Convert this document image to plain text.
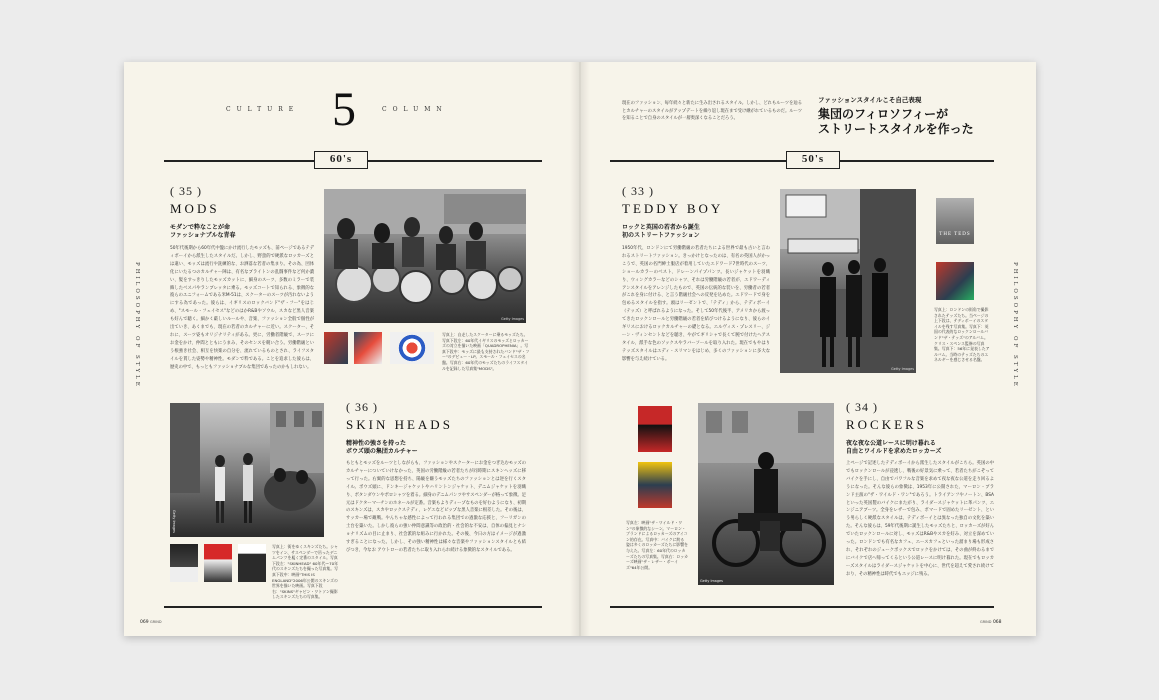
CULTURE 5	COLUMN
60's
PHILOSOPHY OF STYLE
( 35 )
MODS
モダンで粋なことが命
ファッショナブルな青春
50年代後期から60年代中盤にかけ流行したモッズも、前ページであるテディボーイから派生したスタイルだ。しかし、野蛮的で硬派なロッカーズとは違い、モッズは流行や洗練的な、お洒落な若者の集まり。その為、団体化にいたるつのカルチャー陣は、有名なブライトンの乱闘事件など何か濃い、髪をすっきりしたモッズカットに、細身のスーツ、多数のミラーで装飾したベスパやランブレッタに乗る。モッズコートで知られる、象徴的な彼らのユニフォームである米M-51は、スクーターのスーツが汚れないようにする為であった。彼らは、イギリスのロックバンド"ザ・フー"をはじめ、"スモール・フェイセス"などのはかR&Bやソウル、スカなど黒人音楽も好んで聴く。細かく厳しいルールや、音楽、ファッション全般で個性が出ていき、あくまでも、現在の若者のカルチャーに近い。スクーター、それに、スーツ姿もオリジナリティがある。更に、労働者階級で、スーツにお金をかけ、仲間とともにうまみ、そのセンスを競い合う。労働階級という根強き社会、相互を快楽の自分を、流れているものとされ、ライフスタイルを貫した姿勢や精神性。モダンで粋である。ことを追求した彼らは、歴史の中で、もっともファッショナブルな集団であったのかもしれない。
Getty Images
写真上：自走したスクーターに乗るモッズたち。写真下段左：60年代イギリスのモッズとロッカーズの対立を描いた映画「QUADROPHENIA」。写真下段中：モッズに最も支持されたバンド"ザ・フー"のデビュー・LP。スモール・フェイセスの名盤。写真右：60年代のモッズたちのライフスタイルを記録した写真集"MODS"。
Getty Images
( 36 )
SKIN HEADS
精神性の強さを持った
ボウズ頭の集団カルチャー
もともとモッズをルーツとしながらも、ファッションやスクーターにお金をつぎ込むモッズのカルチャーについていけなかった、英国の労働階級の若者たちが同時期にスキンヘッズに移って行った。右翼的な思想を持ち、陽級を嫌うモッズたちのファッションとは逆を行くスタイル。ボウズ頭に、ドンキージャケットやハリントンジャケット、デニムジャケットを羽織り、ボタンダウンやポロシャツを着る。細身のデニムパンツやサスペンダーが格って象徴。足元はドクターマーチンのホネールが定番。音楽もよりディープなものを好むようになり、初期のスキンズは、スカやロックステディ、レゲエなどピップな黒人音楽に根差した。その後は、サッカー場で観戦。やんちゃな感性によって行われる集団での過激な応援と、フーリガンの土台を築いた。しかし彼らの強い仲間意識等の政治的・社会的な不安は、自体の偏見とナショナリズムの目に止まり、社会派的な組みに行かれた。その後、今日の方はイメージが過激すぎることになった。しかし、その強い精神性は様々な音楽やファッションスタイルとも結びつき、今なお アウトローの若者たちに取り入れられ続ける象徴的なスタイルである。
写真上：街をゆくスキンズたち。シャツをイン、サスペンダーで吊ったデニムパンツを履く定番のスタイル。写真下段左："SKINHEAD" 60年代〜70年代のスキンズたちを撮った写真集。写真下段中：映画"THIS IS ENGLAND"2006年公開のスキンズの世界を描いた映画。写真下段右："SKINS"ギャビン・ワトソン撮影したスキンズたちの写真集。
069 GRIND
現在のファッション、毎年続々と新たに生み出されるスタイル。しかし、どれもルーツを辿るとカルチャーのスタイルがアップデートを繰り返し現在まで受け継がれているものだ。ルーツを知ることで自身のスタイルが一層奥深くなることだろう。
ファッションスタイルこそ自己表現
集団のフィロソフィーが
ストリートスタイルを作った
50's
PHILOSOPHY OF STYLE
( 33 )
TEDDY BOY
ロックと英国の若者から誕生
初のストリートファッション
1950年代、ロンドンにて労働階級の若者たちによる世界で最も古いと言われるストリートファッション。きっかけとなったのは、有名の英国人がかっこうで、英国の名門紳士服店が着用していたエドワード7世時代のスーツ、ショールカラーのベスト、ドレーンパイプパンツ。長いジャケットを羽織り、ウィングカラーなどのシャツ、それは労働階級の若者が、エドワーディアンスタイルをアレンジしたもので、英国の伝統的な装いを、労働者の若者がこれを身に付ける、と言う階級社会への反発を込めた。エドワードで身を包めるスタイルを指す。頭はリーゼントで、「テディ」から、テディボーイ（テッズ）と呼ばれるようになった。そして50年代後半、アメリカから渡ってきたロックンロールと労働階級の若者を結びつけるようになり、彼らのイギリスにおけるロックカルチャーの礎となる。エルヴィス・プレスリー、ジーン・ヴィンセントなどを聴き、やがてギリシャで長くて腕で付けたヘアスタイル、派手な色のソックスやラバーソールを取り入れた。現在でもやはりテッズスタイルはエディ・スリマンをはじめ、多くのファッションに多大な影響を与え続けている。
Getty Images
THE TEDS
写真上：ロンドンの街角で撮影されたテッズたち。当ページの上下段は、テディボーイのスタイルを残す写真集。写真下：英国の代表的なロックンロールバンド"ザ・テッズ"のアルバム。クリス・スペンス監修の写真集。写真下：56年に発表したアルバム。当時のテッズたちのエネルギーを感じさせる名盤。
写真左：映画"ザ・ワイルド・ワン"の象徴的なシーン。マーロン・ブランドによるロッカーズのアイコン的存在。写真中：バイクに跨る姿は多くのロッカーズたちに影響を与えた。写真左：60年代のロッカーズたちの写真集。写真右：ロッカーズ映画"ザ・レザー・ボーイズ"64年公開。
Getty Images
( 34 )
ROCKERS
夜な夜な公道レースに明け暮れる
自由とワイルドを求めたロッカーズ
上ページで記述したテディボーイから派生したスタイルがこちら。英国の中でもロックンロールが浸透し、戦後の好景気に乗って、若者たちがこぞってバイクを手にし、自由でパワフルな音楽を求めて夜な夜な公道を走り回るようになった。そんな彼らの象徴は、1953年に公開された、マーロン・ブランド主演の"ザ・ワイルド・ワン"であろう。トライアンフやノートン、BSAといった英国製のバイクにまたがり、ライダースジャケットに革パンツ、エンジニアブーツ。全身をレザーで包み、ポマードで固めたリーゼント、という男らしく硬派なスタイルは、テディボーイとは異なった独自の文化を築いた。そんな彼らは、59年代後期に誕生したモッズたちと、ロッカーズが好んでいたロックンロールに対し、モッズはR&Bやスカを好み、対立を深めていった。ロンドンでも有名なカフェ、エースカフェといった溜まり場も形成され、それぞれのジュークボックスでロックをかけては、その曲が終わるまでにバイクで店へ帰ってくるという公道レースに明け暮れた。現在でもロッカーズスタイルはライダースジャケットを中心に、世代を超えて愛され続けており、その精神性は時代でもエッジに残る。
GRIND 068
